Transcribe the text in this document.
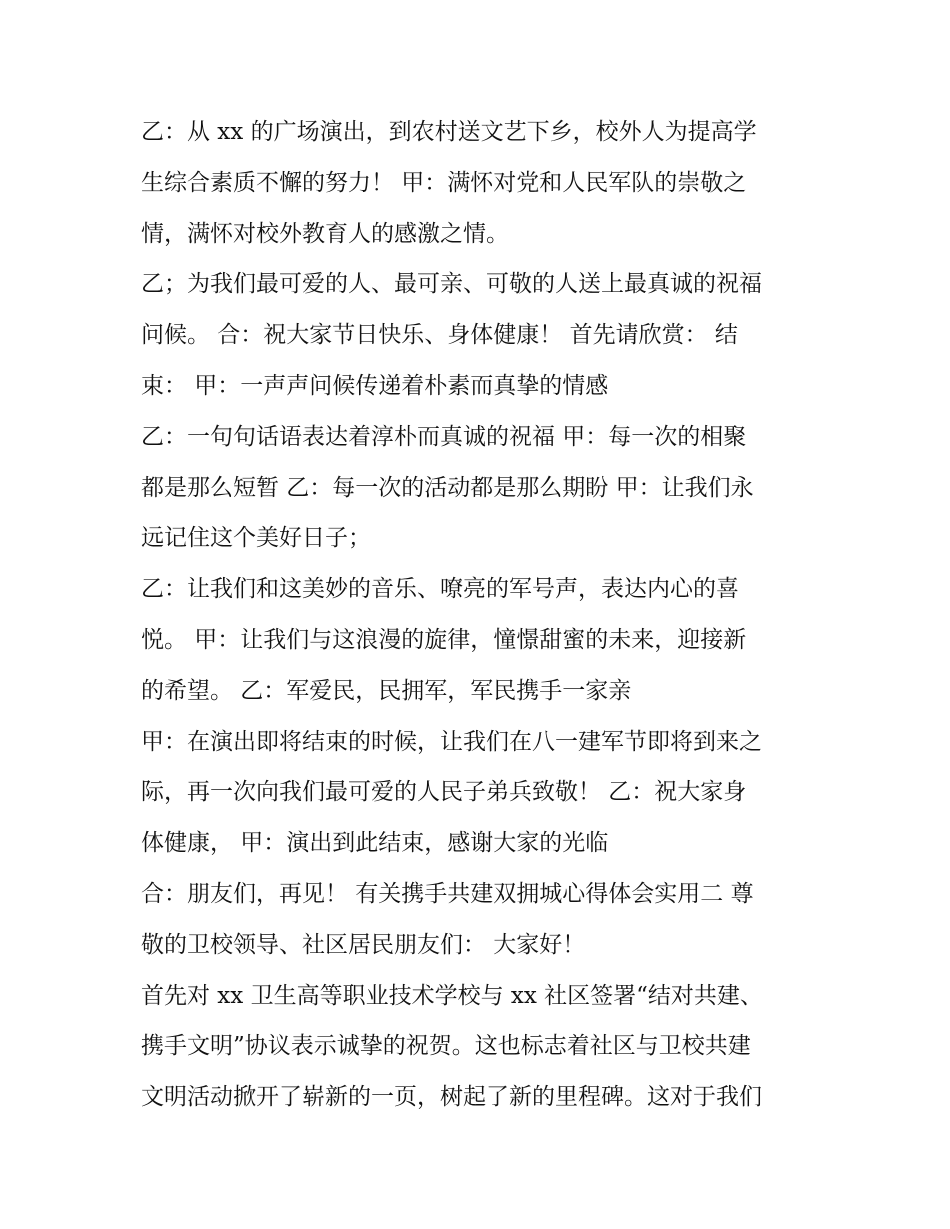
乙：从 xx 的广场演出，到农村送文艺下乡，校外人为提高学
生综合素质不懈的努力！ 甲：满怀对党和人民军队的崇敬之
情，满怀对校外教育人的感激之情。
乙；为我们最可爱的人、最可亲、可敬的人送上最真诚的祝福
问候。 合：祝大家节日快乐、身体健康！ 首先请欣赏： 结
束： 甲：一声声问候传递着朴素而真挚的情感
乙：一句句话语表达着淳朴而真诚的祝福 甲：每一次的相聚
都是那么短暂 乙：每一次的活动都是那么期盼 甲：让我们永
远记住这个美好日子；
乙：让我们和这美妙的音乐、嘹亮的军号声，表达内心的喜
悦。 甲：让我们与这浪漫的旋律，憧憬甜蜜的未来，迎接新
的希望。 乙：军爱民，民拥军，军民携手一家亲
甲：在演出即将结束的时候，让我们在八一建军节即将到来之
际，再一次向我们最可爱的人民子弟兵致敬！ 乙：祝大家身
体健康， 甲：演出到此结束，感谢大家的光临
合：朋友们，再见！ 有关携手共建双拥城心得体会实用二 尊
敬的卫校领导、社区居民朋友们： 大家好！
首先对 xx 卫生高等职业技术学校与 xx 社区签署“结对共建、
携手文明”协议表示诚挚的祝贺。这也标志着社区与卫校共建
文明活动掀开了崭新的一页，树起了新的里程碑。这对于我们
